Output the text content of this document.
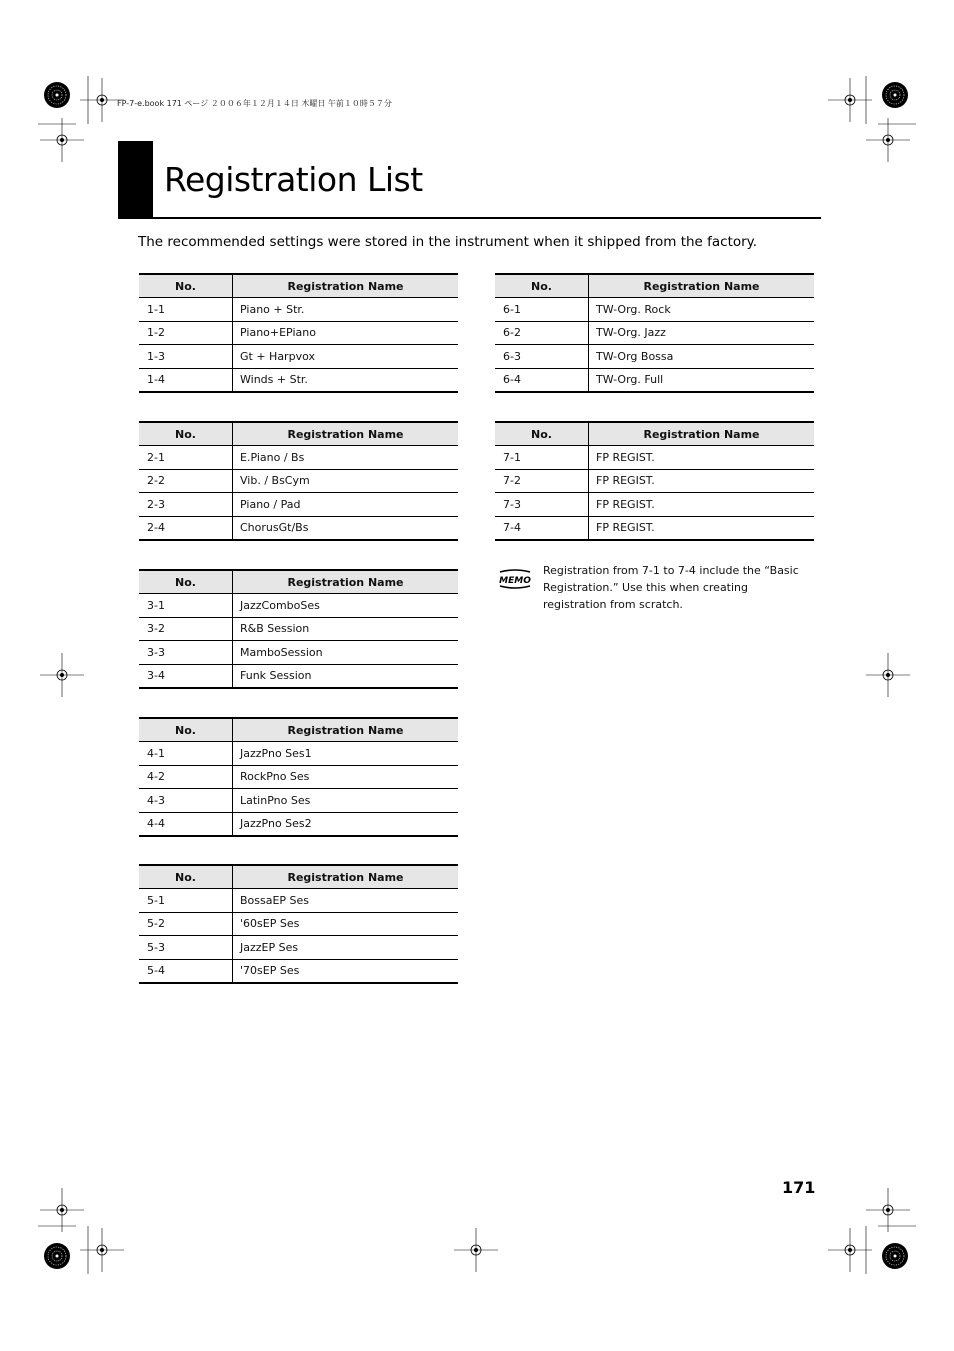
FP-7-e.book 171 ページ ２００６年１２月１４日 木曜日 午前１０時５７分
Registration List

The recommended settings were stored in the instrument when it shipped from the factory.

No.	Registration Name
1-1	Piano + Str.
1-2	Piano+EPiano
1-3	Gt + Harpvox
1-4	Winds + Str.
No.	Registration Name
2-1	E.Piano / Bs
2-2	Vib. / BsCym
2-3	Piano / Pad
2-4	ChorusGt/Bs
No.	Registration Name
3-1	JazzComboSes
3-2	R&B Session
3-3	MamboSession
3-4	Funk Session
No.	Registration Name
4-1	JazzPno Ses1
4-2	RockPno Ses
4-3	LatinPno Ses
4-4	JazzPno Ses2
No.	Registration Name
5-1	BossaEP Ses
5-2	'60sEP Ses
5-3	JazzEP Ses
5-4	'70sEP Ses
No.	Registration Name
6-1	TW-Org. Rock
6-2	TW-Org. Jazz
6-3	TW-Org Bossa
6-4	TW-Org. Full
No.	Registration Name
7-1	FP REGIST.
7-2	FP REGIST.
7-3	FP REGIST.
7-4	FP REGIST.
MEMO

Registration from 7-1 to 7-4 include the “Basic Registration.” Use this when creating registration from scratch.

171
